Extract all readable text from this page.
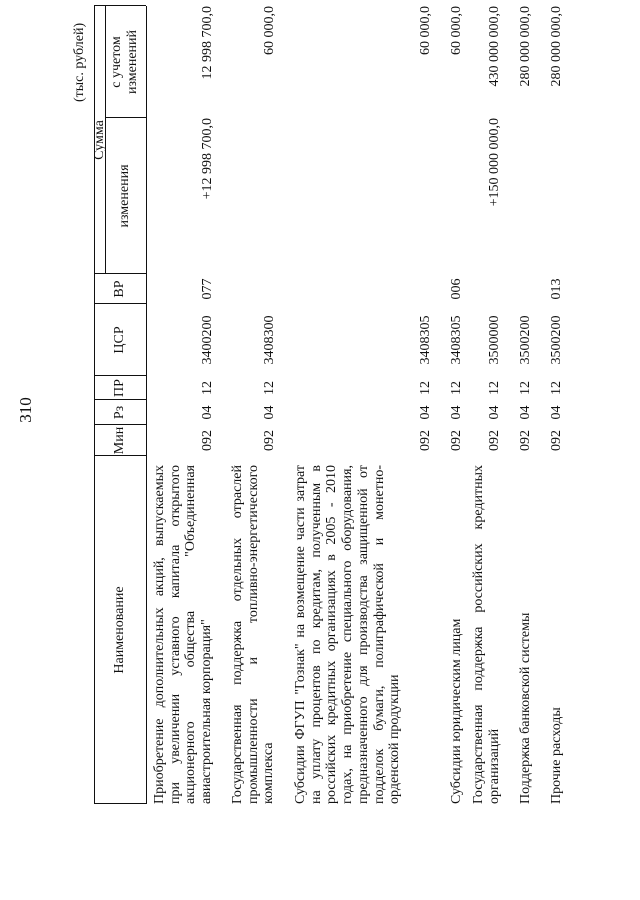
310
(тыс. рублей)
Наименование
Мин
Рз
ПР
ЦСР
ВР
Сумма
изменения
с учетом изменений
Приобретение дополнительных акций, выпускаемых при увеличении уставного капитала открытого акционерного общества "Объединенная авиастроительная корпорация"
092
04
12
3400200
077
+12 998 700,0
12 998 700,0
Государственная поддержка отдельных отраслей промышленности и топливно-энергетического комплекса
092
04
12
3408300
60 000,0
Субсидии ФГУП "Гознак" на возмещение части затрат на уплату процентов по кредитам, полученным в российских кредитных организациях в 2005 - 2010 годах, на приобретение специального оборудования, предназначенного для производства защищенной от подделок бумаги, полиграфической и монетно-орденской продукции
092
04
12
3408305
60 000,0
Субсидии юридическим лицам
092
04
12
3408305
006
60 000,0
Государственная поддержка российских кредитных организаций
092
04
12
3500000
+150 000 000,0
430 000 000,0
Поддержка банковской системы
092
04
12
3500200
280 000 000,0
Прочие расходы
092
04
12
3500200
013
280 000 000,0
